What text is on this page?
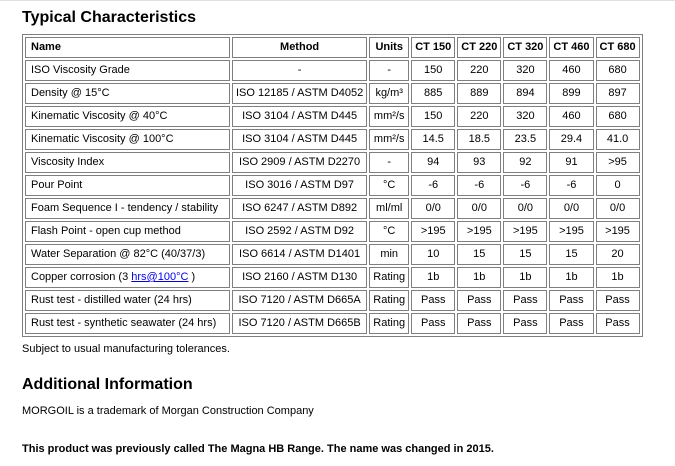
Typical Characteristics
Name	Method	Units	CT 150	CT 220	CT 320	CT 460	CT 680
ISO Viscosity Grade	-	-	150	220	320	460	680
Density @ 15°C	ISO 12185 / ASTM D4052	kg/m³	885	889	894	899	897
Kinematic Viscosity @ 40°C	ISO 3104 / ASTM D445	mm²/s	150	220	320	460	680
Kinematic Viscosity @ 100°C	ISO 3104 / ASTM D445	mm²/s	14.5	18.5	23.5	29.4	41.0
Viscosity Index	ISO 2909 / ASTM D2270	-	94	93	92	91	>95
Pour Point	ISO 3016 / ASTM D97	°C	-6	-6	-6	-6	0
Foam Sequence I - tendency / stability	ISO 6247 / ASTM D892	ml/ml	0/0	0/0	0/0	0/0	0/0
Flash Point - open cup method	ISO 2592 / ASTM D92	°C	>195	>195	>195	>195	>195
Water Separation @ 82°C (40/37/3)	ISO 6614 / ASTM D1401	min	10	15	15	15	20
Copper corrosion (3 hrs@100°C )	ISO 2160 / ASTM D130	Rating	1b	1b	1b	1b	1b
Rust test - distilled water (24 hrs)	ISO 7120 / ASTM D665A	Rating	Pass	Pass	Pass	Pass	Pass
Rust test - synthetic seawater (24 hrs)	ISO 7120 / ASTM D665B	Rating	Pass	Pass	Pass	Pass	Pass

Subject to usual manufacturing tolerances.

Additional Information

MORGOIL is a trademark of Morgan Construction Company

This product was previously called The Magna HB Range. The name was changed in 2015.
